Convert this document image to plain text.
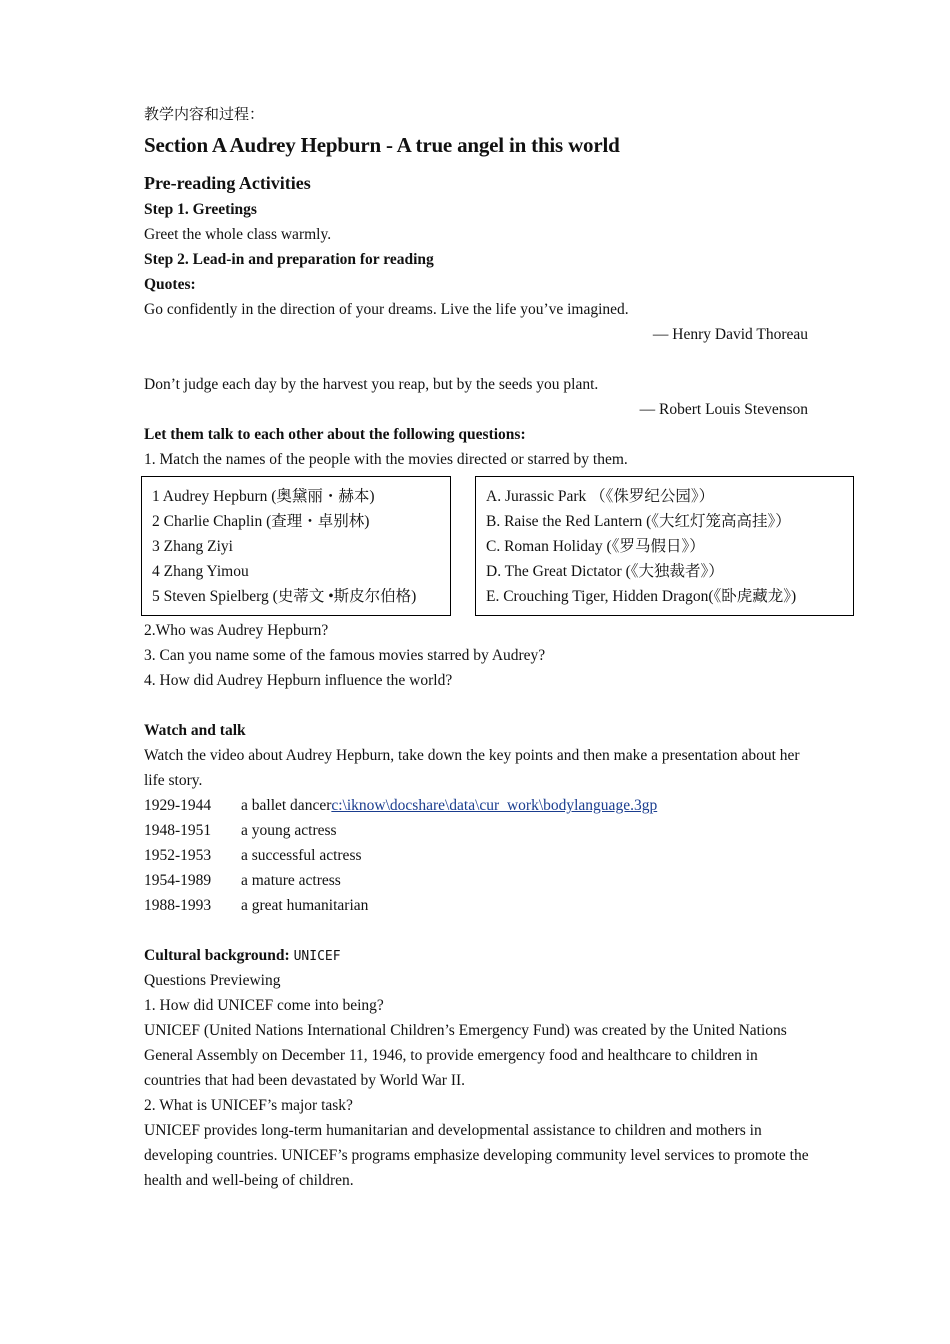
教学内容和过程：
Section A Audrey Hepburn - A true angel in this world
Pre-reading Activities
Step 1. Greetings
Greet the whole class warmly.
Step 2. Lead-in and preparation for reading
Quotes:
Go confidently in the direction of your dreams. Live the life you’ve imagined.
— Henry David Thoreau
Don’t judge each day by the harvest you reap, but by the seeds you plant.
— Robert Louis Stevenson
Let them talk to each other about the following questions:
1. Match the names of the people with the movies directed or starred by them.
1 Audrey Hepburn (奥黛丽・赫本)
2 Charlie Chaplin (查理・卓别林)
3 Zhang Ziyi
4 Zhang Yimou
5 Steven Spielberg (史蒂文 •斯皮尔伯格)
A. Jurassic Park （《侏罗纪公园》）
B. Raise the Red Lantern (《大红灯笼高高挂》）
C. Roman Holiday (《罗马假日》）
D. The Great Dictator (《大独裁者》）
E. Crouching Tiger, Hidden Dragon(《卧虎藏龙》)
2.Who was Audrey Hepburn?
3. Can you name some of the famous movies starred by Audrey?
4. How did Audrey Hepburn influence the world?
Watch and talk
Watch the video about Audrey Hepburn, take down the key points and then make a presentation about her life story.
1929-1944	a ballet dancer c:\iknow\docshare\data\cur_work\bodylanguage.3gp
1948-1951	a young actress
1952-1953	a successful actress
1954-1989	a mature actress
1988-1993	a great humanitarian
Cultural background: UNICEF
Questions Previewing
1. How did UNICEF come into being?
UNICEF (United Nations International Children’s Emergency Fund) was created by the United Nations General Assembly on December 11, 1946, to provide emergency food and healthcare to children in countries that had been devastated by World War II.
2. What is UNICEF’s major task?
UNICEF provides long-term humanitarian and developmental assistance to children and mothers in developing countries. UNICEF’s programs emphasize developing community level services to promote the health and well-being of children.
